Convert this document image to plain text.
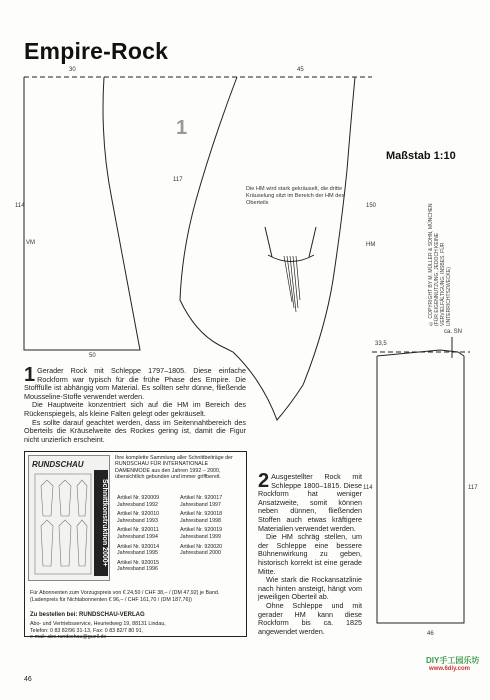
Empire-Rock
30	45
114
VM
117
150
HM
50
ca. SN
33,5
114	117
46
1
Die HM wird stark gekräuselt, die dritte Kräuselung sitzt im Bereich der HM des Oberteils
Maßstab 1:10
© COPYRIGHT BY M. MÜLLER & SOHN, MÜNCHEN (FÜR EIGENNUTZUNG, JEDOCH KEINE VERVIELFÄLTIGUNG, INSBES. FÜR UNTERRICHTSZWECKE)

1 Gerader Rock mit Schleppe 1797–1805. Diese einfache Rockform war typisch für die frühe Phase des Empire. Die Stofffülle ist abhängig vom Material. Es sollten sehr dünne, fließende Mousseline-Stoffe verwendet werden.

Die Hauptweite konzentriert sich auf die HM im Bereich des Rückenspiegels, als kleine Falten gelegt oder gekräuselt.

Es sollte darauf geachtet werden, dass im Seitennahtbereich des Oberteils die Kräuselweite des Rockes gering ist, damit die Figur nicht unzierlich erscheint.

RUNDSCHAU
Schnittkonstruktion 2000+
Ihre komplette Sammlung aller Schnittbeiträge der RUNDSCHAU FÜR INTERNATIONALE DAMENMODE aus den Jahren 1992 – 2000, übersichtlich gebunden und immer griffbereit.
Artikel Nr. 920009
Jahresband 1992
Artikel Nr. 920010
Jahresband 1993
Artikel Nr. 920011
Jahresband 1994
Artikel Nr. 920014
Jahresband 1995
Artikel Nr. 920015
Jahresband 1996
Artikel Nr. 920017
Jahresband 1997
Artikel Nr. 920018
Jahresband 1998
Artikel Nr. 920019
Jahresband 1999
Artikel Nr. 920020
Jahresband 2000
Für Abonnenten zum Vorzugspreis von € 24,50 / CHF 38,– / (DM 47,92) je Band.
(Ladenpreis für Nichtabonnenten € 96,– / CHF 161,70 / (DM 187,76))
Zu bestellen bei: RUNDSCHAU-VERLAG
Abo- und Vertriebsservice, Heuriedweg 19, 88131 Lindau,
Telefon: 0 83 82/96 31-13, Fax: 0 83 82/7 80 91,
e-mail: abo.rundschau@guell.de

2 Ausgestellter Rock mit Schleppe 1800–1815. Diese Rockform hat weniger Ansatzweite, somit können neben dünnen, fließenden Stoffen auch etwas kräftigere Materialien verwendet werden.

Die HM schräg stellen, um der Schleppe eine bessere Bühnenwirkung zu geben, historisch korrekt ist eine gerade Mitte.

Wie stark die Rockansatzlinie nach hinten ansteigt, hängt vom jeweiligen Oberteil ab.

Ohne Schleppe und mit gerader HM kann diese Rockform bis ca. 1825 angewendet werden.

46
DIY手工园乐坊
www.6diy.com
